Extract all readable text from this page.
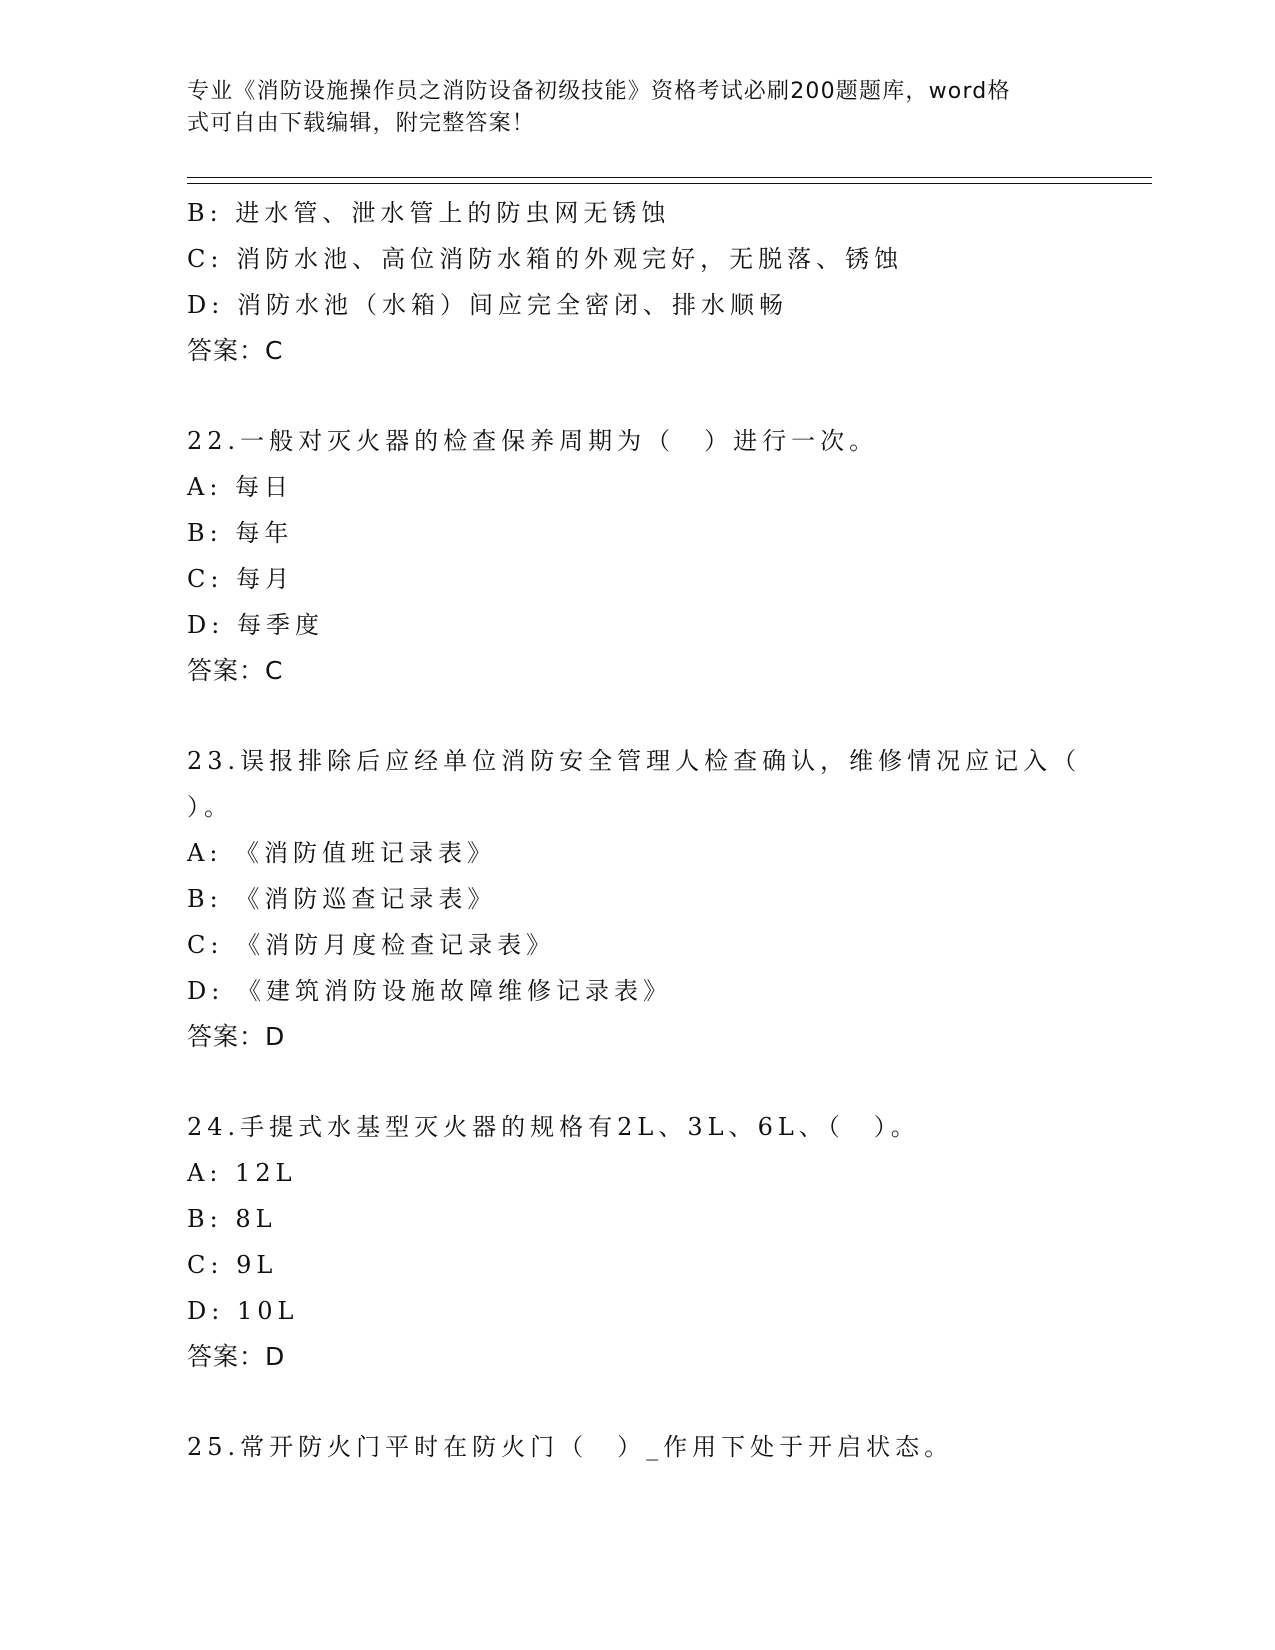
专业《消防设施操作员之消防设备初级技能》资格考试必刷200题题库，word格
式可自由下载编辑，附完整答案！

B: 进水管、泄水管上的防虫网无锈蚀

C: 消防水池、高位消防水箱的外观完好，无脱落、锈蚀

D: 消防水池（水箱）间应完全密闭、排水顺畅

答案：C

22.一般对灭火器的检查保养周期为（　）进行一次。

A: 每日

B: 每年

C: 每月

D: 每季度

答案：C

23.误报排除后应经单位消防安全管理人检查确认，维修情况应记入（

）。

A: 《消防值班记录表》

B: 《消防巡查记录表》

C: 《消防月度检查记录表》

D: 《建筑消防设施故障维修记录表》

答案：D

24.手提式水基型灭火器的规格有2L、3L、6L、（　）。

A: 12L

B: 8L

C: 9L

D: 10L

答案：D

25.常开防火门平时在防火门（　）_作用下处于开启状态。
